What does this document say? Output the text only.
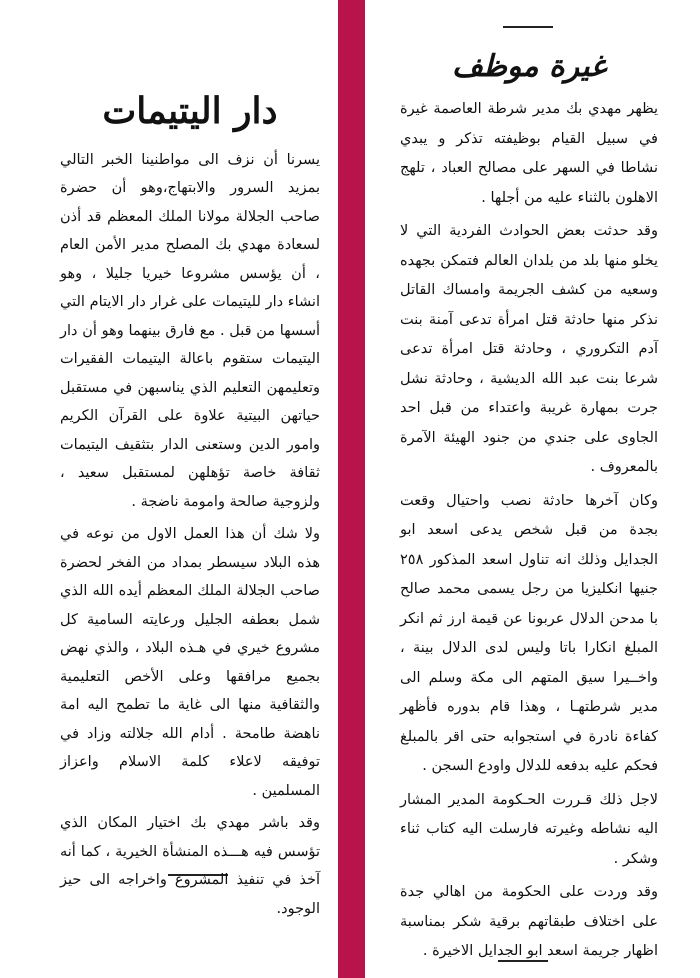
غيرة موظف

يظهر مهدي بك مدير شرطة العاصمة غيرة في سبيل القيام بوظيفته تذكر و يبدي نشاطا في السهر على مصالح العباد ، تلهج الاهلون بالثناء عليه من أجلها .

وقد حدثت بعض الحوادث الفردية التي لا يخلو منها بلد من بلدان العالم فتمكن بجهده وسعيه من كشف الجريمة وامساك القاتل نذكر منها حادثة قتل امرأة تدعى آمنة بنت آدم التكروري ، وحادثة قتل امرأة تدعى شرعا بنت عبد الله الديشية ، وحادثة نشل جرت بمهارة غريبة واعتداء من قبل احد الجاوى على جندي من جنود الهيئة الآمرة بالمعروف .

وكان آخرها حادثة نصب واحتيال وقعت بجدة من قبل شخص يدعى اسعد ابو الجدايل وذلك انه تناول اسعد المذكور ٢٥٨ جنيها انكليزيا من رجل يسمى محمد صالح با مدحن الدلال عربونا عن قيمة ارز ثم انكر المبلغ انكارا باتا وليس لدى الدلال بينة ، واخــيرا سيق المتهم الى مكة وسلم الى مدير شرطتهـا ، وهذا قام بدوره فأظهر كفاءة نادرة في استجوابه حتى اقر بالمبلغ فحكم عليه بدفعه للدلال واودع السجن .

لاجل ذلك قـررت الحـكومة المدير المشار اليه نشاطه وغيرته فارسلت اليه كتاب ثناء وشكر .

وقد وردت على الحكومة من اهالي جدة على اختلاف طبقاتهم برقية شكر بمناسبة اظهار جريمة اسعد ابو الجدايل الاخيرة .

دار اليتيمات

يسرنا أن نزف الى مواطنينا الخبر التالي بمزيد السرور والابتهاج،وهو أن حضرة صاحب الجلالة مولانا الملك المعظم قد أذن لسعادة مهدي بك المصلح مدير الأمن العام ، أن يؤسس مشروعا خيريا جليلا ، وهو انشاء دار لليتيمات على غرار دار الايتام التي أسسها من قبل . مع فارق بينهما وهو أن دار اليتيمات ستقوم باعالة اليتيمات الفقيرات وتعليمهن التعليم الذي يناسبهن في مستقبل حياتهن البيتية علاوة على القرآن الكريم وامور الدين وستعنى الدار بتثقيف اليتيمات ثقافة خاصة تؤهلهن لمستقبل سعيد ، ولزوجية صالحة وامومة ناضجة .

ولا شك أن هذا العمل الاول من نوعه في هذه البلاد سيسطر بمداد من الفخر لحضرة صاحب الجلالة الملك المعظم أيده الله الذي شمل بعطفه الجليل ورعايته السامية كل مشروع خيري في هـذه البلاد ، والذي نهض بجميع مرافقها وعلى الأخص التعليمية والثقافية منها الى غاية ما تطمح اليه امة ناهضة طامحة . أدام الله جلالته وزاد في توفيقه لاعلاء كلمة الاسلام واعزاز المسلمين .

وقد باشر مهدي بك اختيار المكان الذي تؤسس فيه هـــذه المنشأة الخيرية ، كما أنه آخذ في تنفيذ المشروع واخراجه الى حيز الوجود.
